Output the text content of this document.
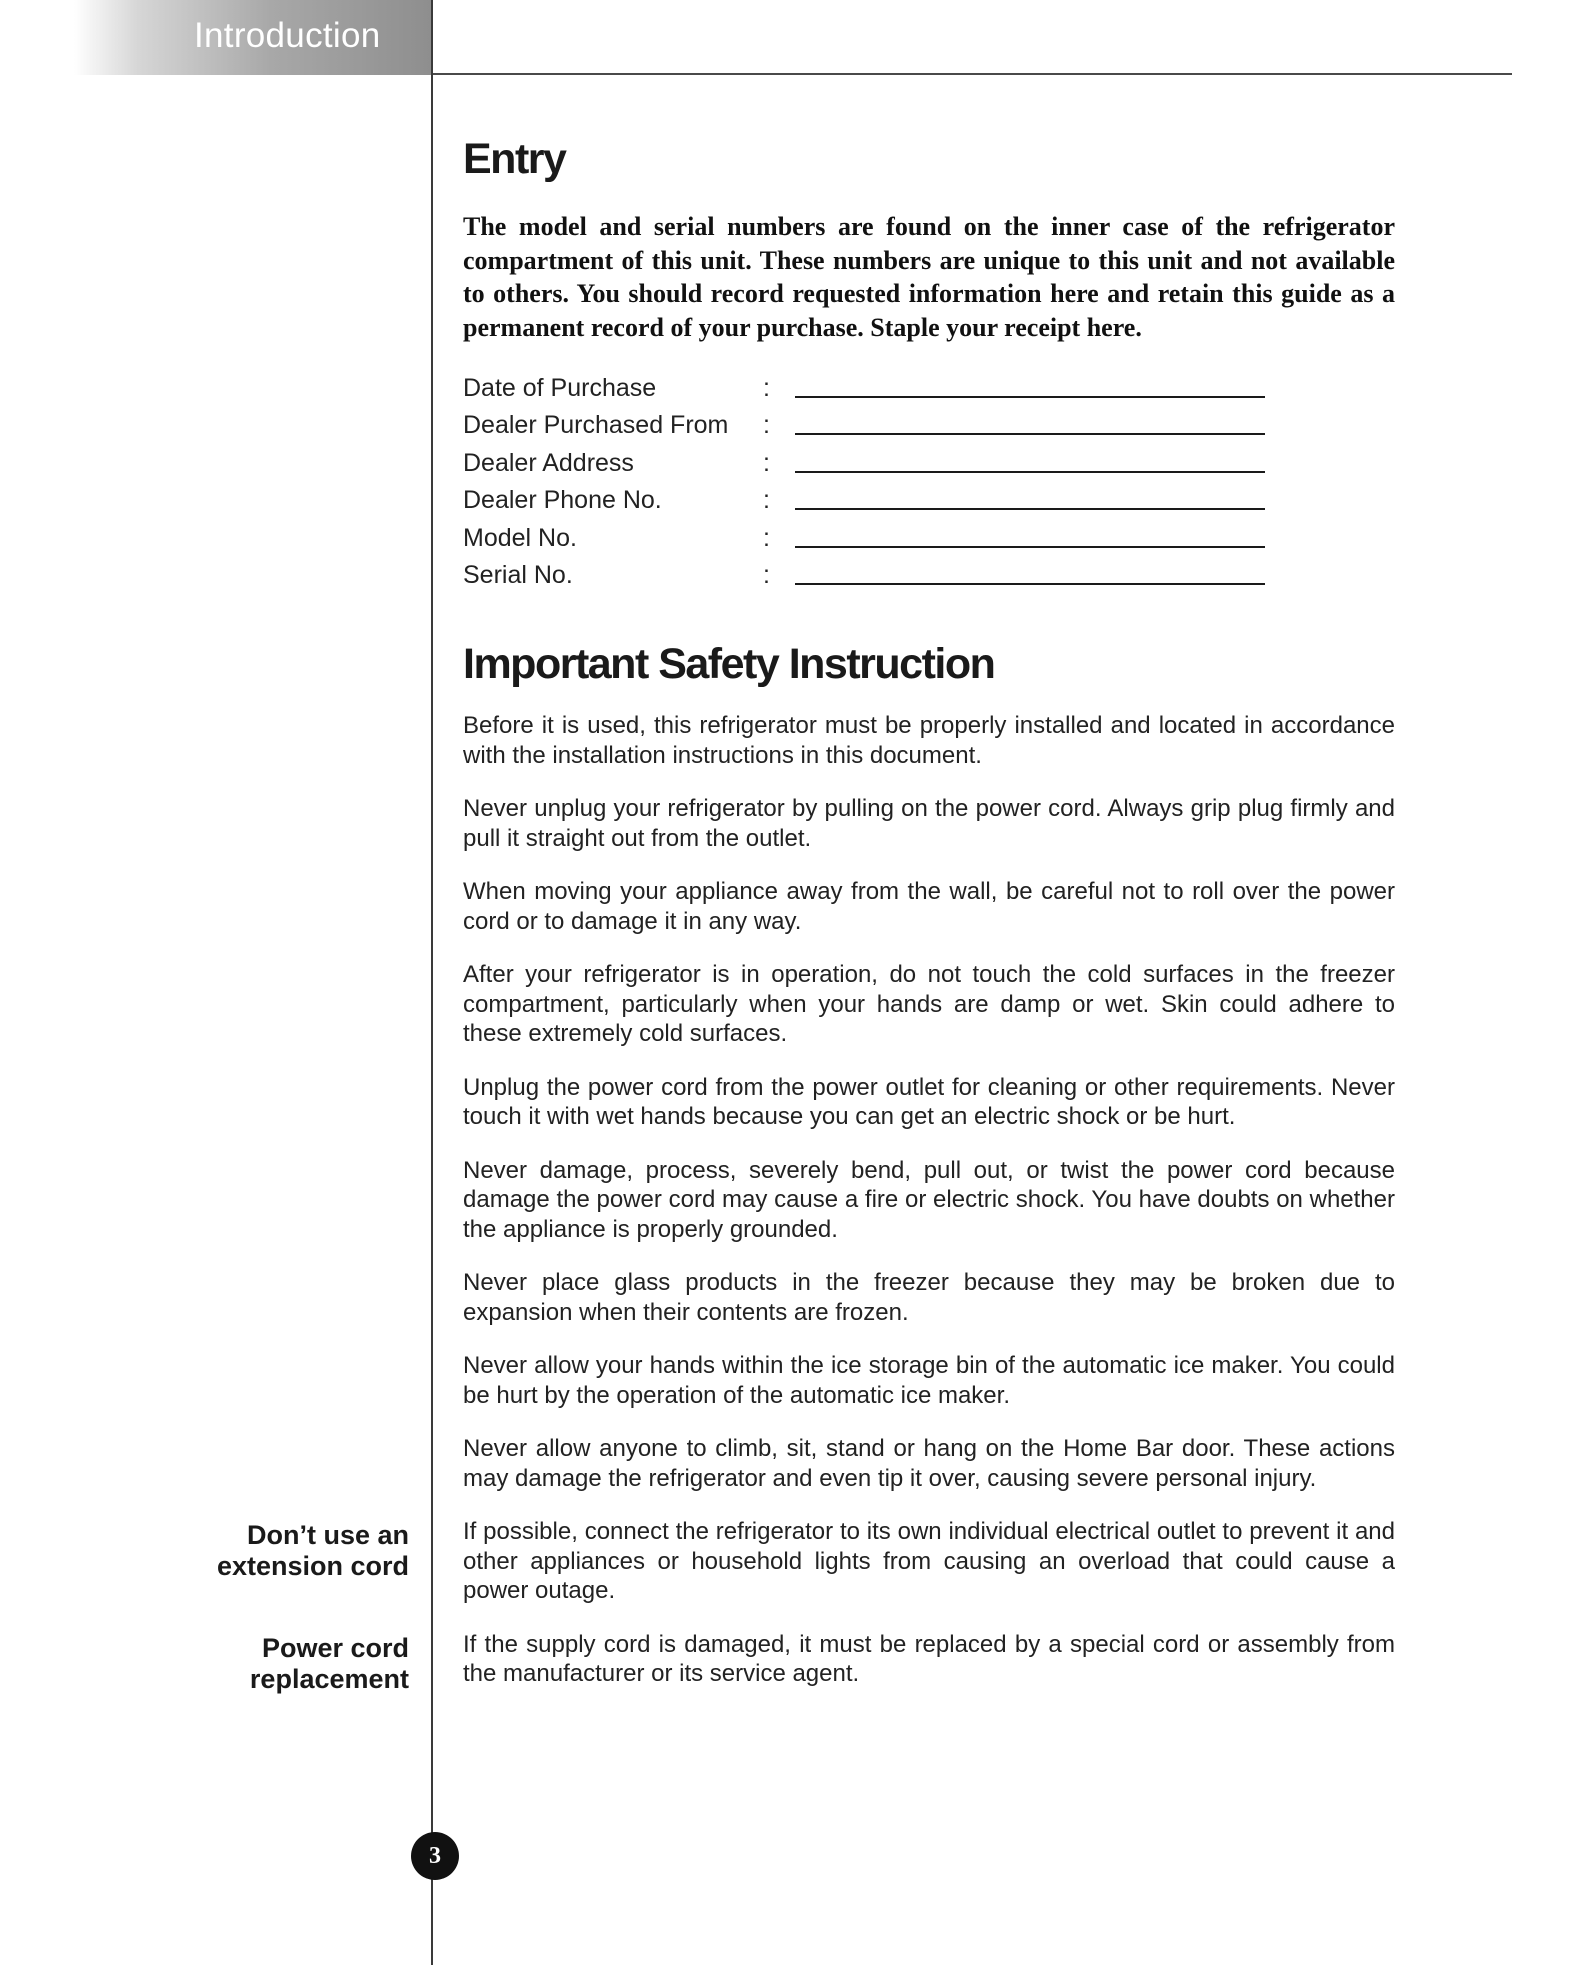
Introduction
Entry

The model and serial numbers are found on the inner case of the refrigerator compartment of this unit. These numbers are unique to this unit and not available to others. You should record requested information here and retain this guide as a permanent record of your purchase. Staple your receipt here.

Date of Purchase	:
Dealer Purchased From	:
Dealer Address	:
Dealer Phone No.	:
Model No.	:
Serial No.	:
Important Safety Instruction

Before it is used, this refrigerator must be properly installed and located in accordance with the installation instructions in this document.

Never unplug your refrigerator by pulling on the power cord. Always grip plug firmly and pull it straight out from the outlet.

When moving your appliance away from the wall, be careful not to roll over the power cord or to damage it in any way.

After your refrigerator is in operation, do not touch the cold surfaces in the freezer compartment, particularly when your hands are damp or wet. Skin could adhere to these extremely cold surfaces.

Unplug the power cord from the power outlet for cleaning or other requirements. Never touch it with wet hands because you can get an electric shock or be hurt.

Never damage, process, severely bend, pull out, or twist the power cord because damage the power cord may cause a fire or electric shock. You have doubts on whether the appliance is properly grounded.

Never place glass products in the freezer because they may be broken due to expansion when their contents are frozen.

Never allow your hands within the ice storage bin of the automatic ice maker. You could be hurt by the operation of the automatic ice maker.

Never allow anyone to climb, sit, stand or hang on the Home Bar door. These actions may damage the refrigerator and even tip it over, causing severe personal injury.

If possible, connect the refrigerator to its own individual electrical outlet to prevent it and other appliances or household lights from causing an overload that could cause a power outage.

If the supply cord is damaged, it must be replaced by a special cord or assembly from the manufacturer or its service agent.

Don’t use an
extension cord
Power cord
replacement
3
